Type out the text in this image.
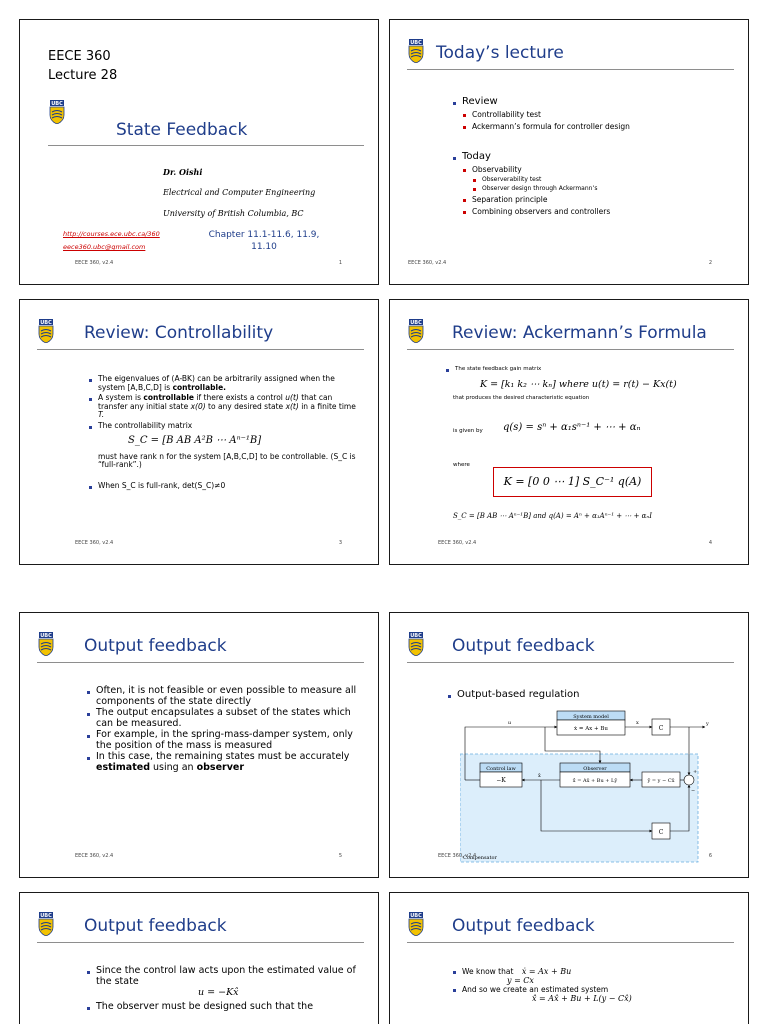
EECE 360
Lecture 28
State Feedback
Dr. Oishi
Electrical and Computer Engineering
University of British Columbia, BC
http://courses.ece.ubc.ca/360
eece360.ubc@gmail.com
Chapter 11.1-11.6, 11.9, 11.10
EECE 360, v2.4	1
Today’s lecture
Review
Controllability test
Ackermann’s formula for controller design
Today
Observability
Observerability test
Observer design through Ackermann’s
Separation principle
Combining observers and controllers
EECE 360, v2.4	2
Review: Controllability
The eigenvalues of (A-BK) can be arbitrarily assigned when the system [A,B,C,D] is controllable.
A system is controllable if there exists a control u(t) that can transfer any initial state x(0) to any desired state x(t) in a finite time T.
The controllability matrix
S_C = [B AB A²B ⋯ Aⁿ⁻¹B]
must have rank n for the system [A,B,C,D] to be controllable. (S_C is “full-rank”.)
When S_C is full-rank, det(S_C)≠0
EECE 360, v2.4	3
Review: Ackermann’s Formula
The state feedback gain matrix
K = [k₁ k₂ ⋯ kₙ] where u(t) = r(t) − Kx(t)
that produces the desired characteristic equation
is given by q(s) = sⁿ + α₁sⁿ⁻¹ + ⋯ + αₙ
where
K = [0 0 ⋯ 1] S_C⁻¹ q(A)
S_C = [B AB ⋯ Aⁿ⁻¹B] and q(A) = Aⁿ + α₁Aⁿ⁻¹ + ⋯ + αₙI
EECE 360, v2.4	4
Output feedback
Often, it is not feasible or even possible to measure all components of the state directly
The output encapsulates a subset of the states which can be measured.
For example, in the spring-mass-damper system, only the position of the mass is measured
In this case, the remaining states must be accurately estimated using an observer
EECE 360, v2.4	5
Output feedback
Output-based regulation
Compensator
System model
ẋ = Ax + Bu	C
Observer
x̂̇ = Ax̂ + Bu + Lỹ
Control law
−K	ỹ = y − Cx̂
+
−
C
u	x	y
x̂
EECE 360, v2.4	6
Output feedback
Since the control law acts upon the estimated value of the state
u = −Kx̂
The observer must be designed such that the
Output feedback
We know that ẋ = Ax + Bu
y = Cx
And so we create an estimated system
x̂̇ = Ax̂ + Bu + L(y − Cx̂)
